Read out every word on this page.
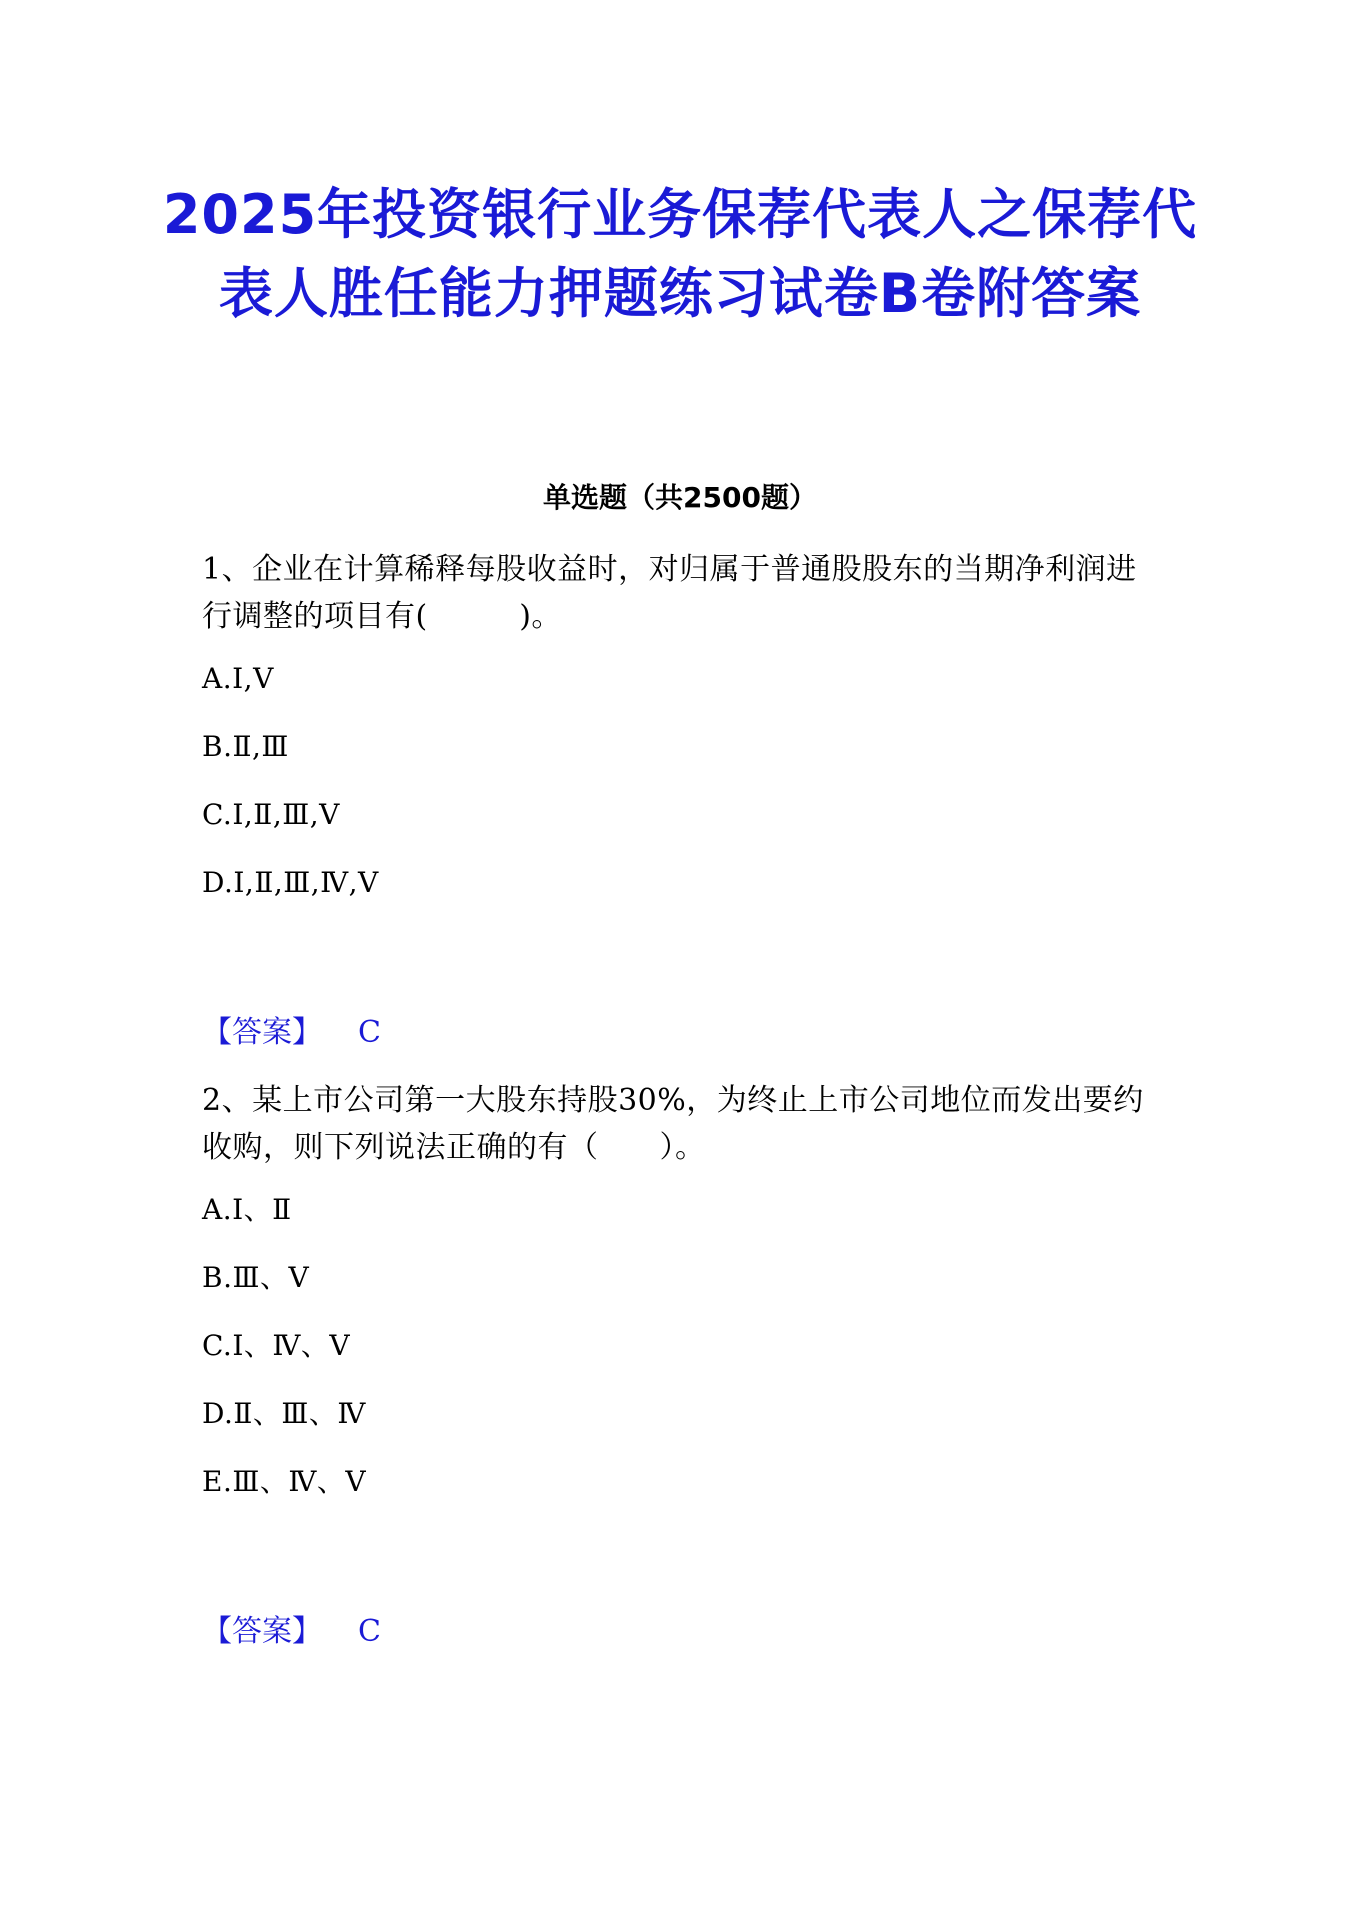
2025年投资银行业务保荐代表人之保荐代表人胜任能力押题练习试卷B卷附答案
单选题（共2500题）

1、企业在计算稀释每股收益时，对归属于普通股股东的当期净利润进行调整的项目有(　　　)。

A.Ⅰ,Ⅴ

B.Ⅱ,Ⅲ

C.Ⅰ,Ⅱ,Ⅲ,Ⅴ

D.Ⅰ,Ⅱ,Ⅲ,Ⅳ,Ⅴ

【答案】 C

2、某上市公司第一大股东持股30%，为终止上市公司地位而发出要约收购，则下列说法正确的有（　　）。

A.Ⅰ、Ⅱ

B.Ⅲ、Ⅴ

C.Ⅰ、Ⅳ、Ⅴ

D.Ⅱ、Ⅲ、Ⅳ

E.Ⅲ、Ⅳ、Ⅴ

【答案】 C
